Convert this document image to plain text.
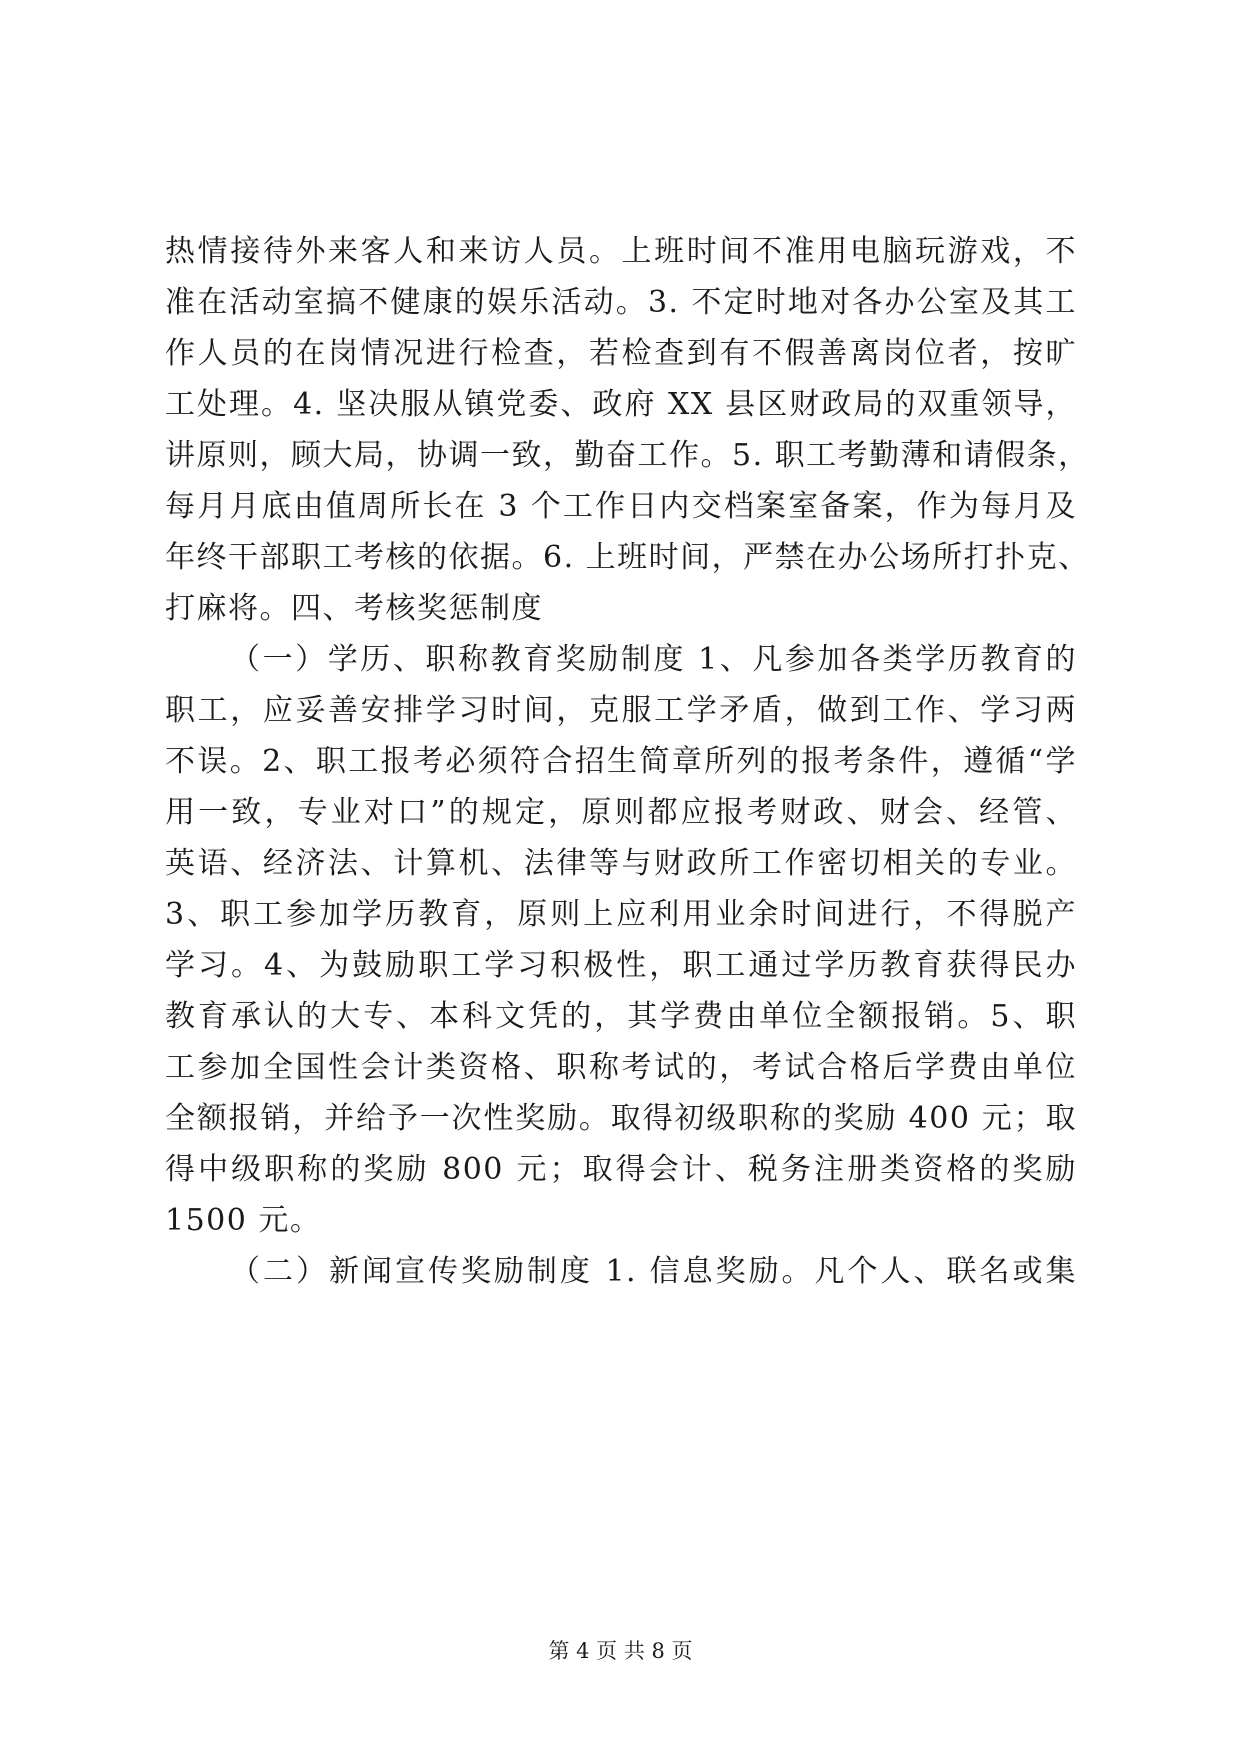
热情接待外来客人和来访人员。上班时间不准用电脑玩游戏，不
准在活动室搞不健康的娱乐活动。3. 不定时地对各办公室及其工
作人员的在岗情况进行检查，若检查到有不假善离岗位者，按旷
工处理。4. 坚决服从镇党委、政府 XX 县区财政局的双重领导，
讲原则，顾大局，协调一致，勤奋工作。5. 职工考勤薄和请假条，
每月月底由值周所长在 3 个工作日内交档案室备案，作为每月及
年终干部职工考核的依据。6. 上班时间，严禁在办公场所打扑克、
打麻将。四、考核奖惩制度
（一）学历、职称教育奖励制度 1、凡参加各类学历教育的
职工，应妥善安排学习时间，克服工学矛盾，做到工作、学习两
不误。2、职工报考必须符合招生简章所列的报考条件，遵循“学
用一致，专业对口”的规定，原则都应报考财政、财会、经管、
英语、经济法、计算机、法律等与财政所工作密切相关的专业。
3、职工参加学历教育，原则上应利用业余时间进行，不得脱产
学习。4、为鼓励职工学习积极性，职工通过学历教育获得民办
教育承认的大专、本科文凭的，其学费由单位全额报销。5、职
工参加全国性会计类资格、职称考试的，考试合格后学费由单位
全额报销，并给予一次性奖励。取得初级职称的奖励 400 元；取
得中级职称的奖励 800 元；取得会计、税务注册类资格的奖励
1500 元。
（二）新闻宣传奖励制度 1. 信息奖励。凡个人、联名或集
第 4 页 共 8 页
